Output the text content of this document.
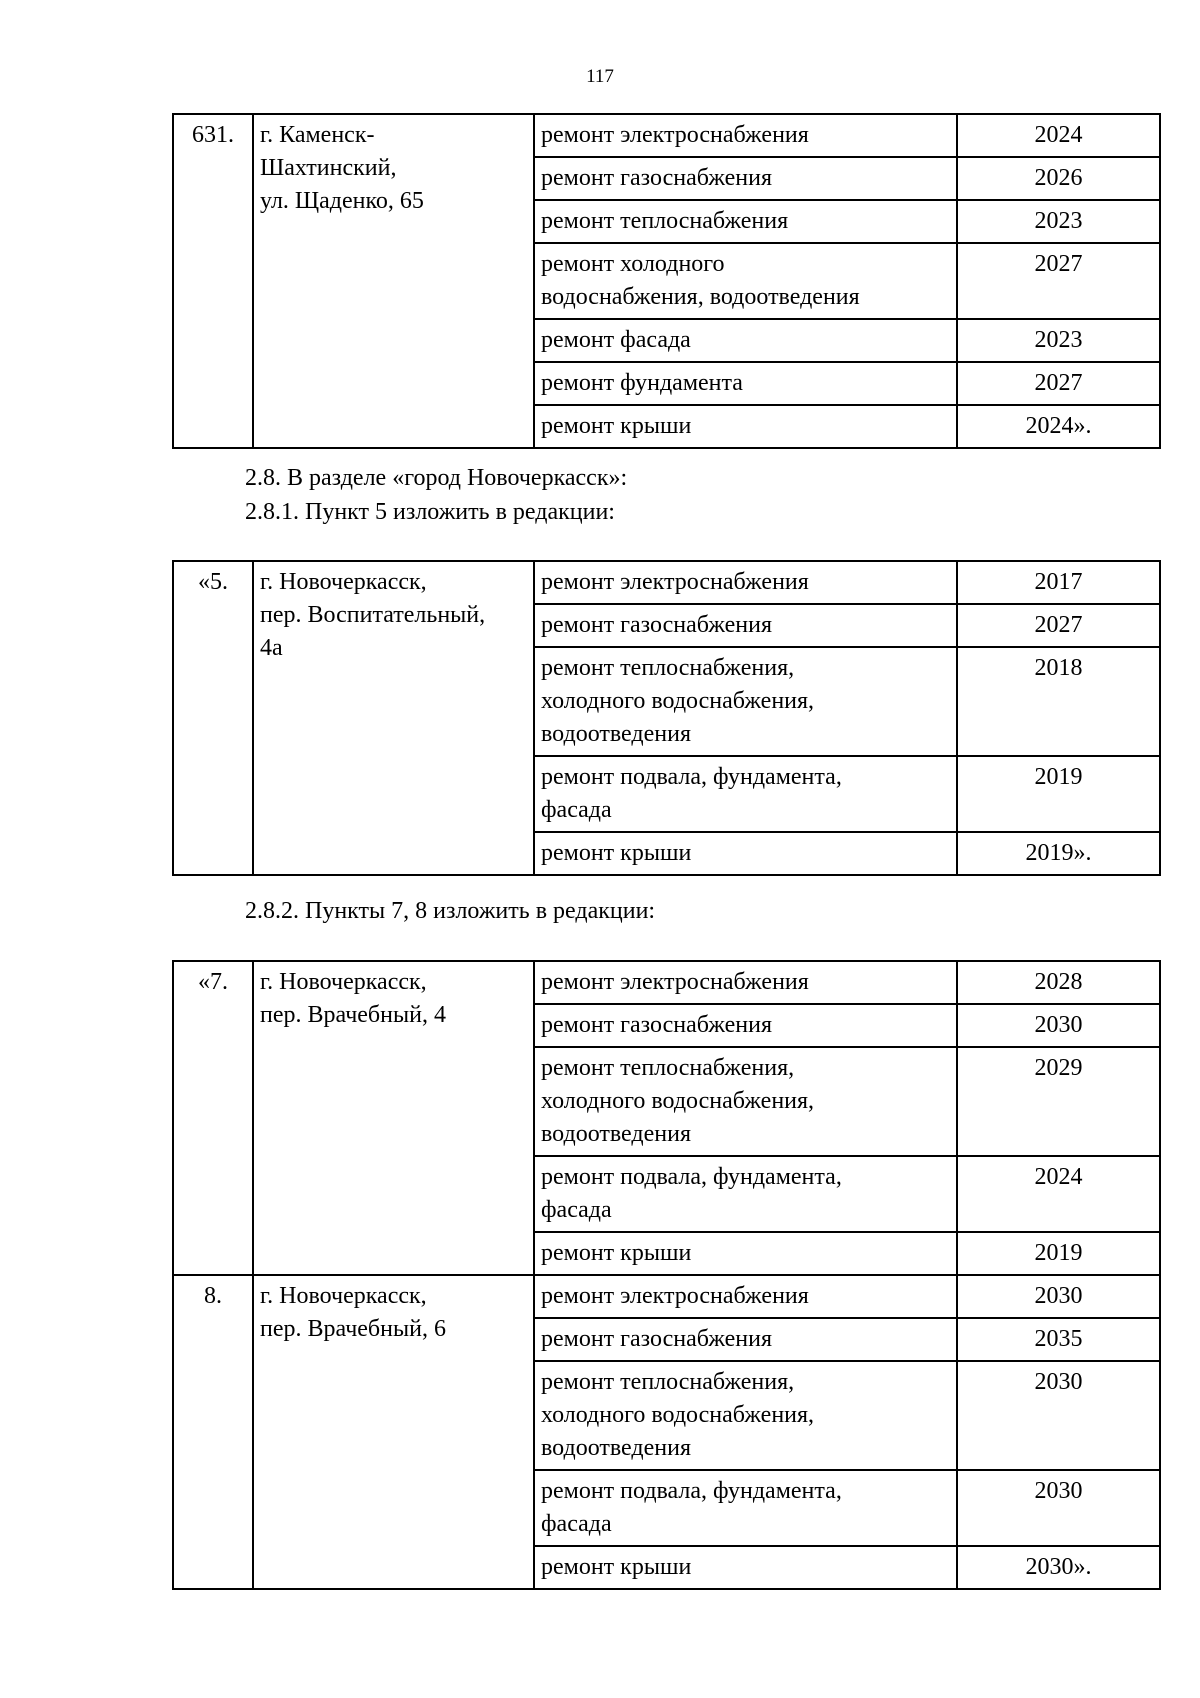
117
631.	г. Каменск-
Шахтинский,
ул. Щаденко, 65	ремонт электроснабжения	2024
		ремонт газоснабжения	2026
		ремонт теплоснабжения	2023
		ремонт холодного
водоснабжения, водоотведения	2027
		ремонт фасада	2023
		ремонт фундамента	2027
		ремонт крыши	2024».
2.8. В разделе «город Новочеркасск»:
2.8.1. Пункт 5 изложить в редакции:
«5.	г. Новочеркасск,
пер. Воспитательный,
4а	ремонт электроснабжения	2017
		ремонт газоснабжения	2027
		ремонт теплоснабжения,
холодного водоснабжения,
водоотведения	2018
		ремонт подвала, фундамента,
фасада	2019
		ремонт крыши	2019».
2.8.2. Пункты 7, 8 изложить в редакции:
«7.	г. Новочеркасск,
пер. Врачебный, 4	ремонт электроснабжения	2028
		ремонт газоснабжения	2030
		ремонт теплоснабжения,
холодного водоснабжения,
водоотведения	2029
		ремонт подвала, фундамента,
фасада	2024
		ремонт крыши	2019
8.	г. Новочеркасск,
пер. Врачебный, 6	ремонт электроснабжения	2030
		ремонт газоснабжения	2035
		ремонт теплоснабжения,
холодного водоснабжения,
водоотведения	2030
		ремонт подвала, фундамента,
фасада	2030
		ремонт крыши	2030».
